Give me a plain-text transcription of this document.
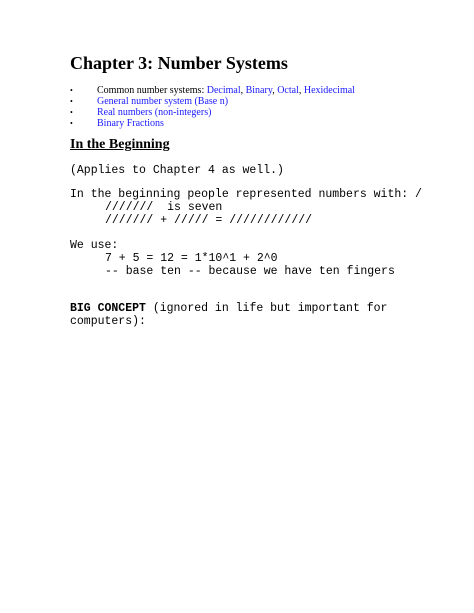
Chapter 3: Number Systems
• Common number systems: Decimal, Binary, Octal, Hexidecimal
• General number system (Base n)
• Real numbers (non-integers)
• Binary Fractions
In the Beginning

(Applies to Chapter 4 as well.)

In the beginning people represented numbers with: /

///////  is seven

/////// + ///// = ////////////

We use:

7 + 5 = 12 = 1*10^1 + 2^0

-- base ten -- because we have ten fingers

BIG CONCEPT (ignored in life but important for

computers):
